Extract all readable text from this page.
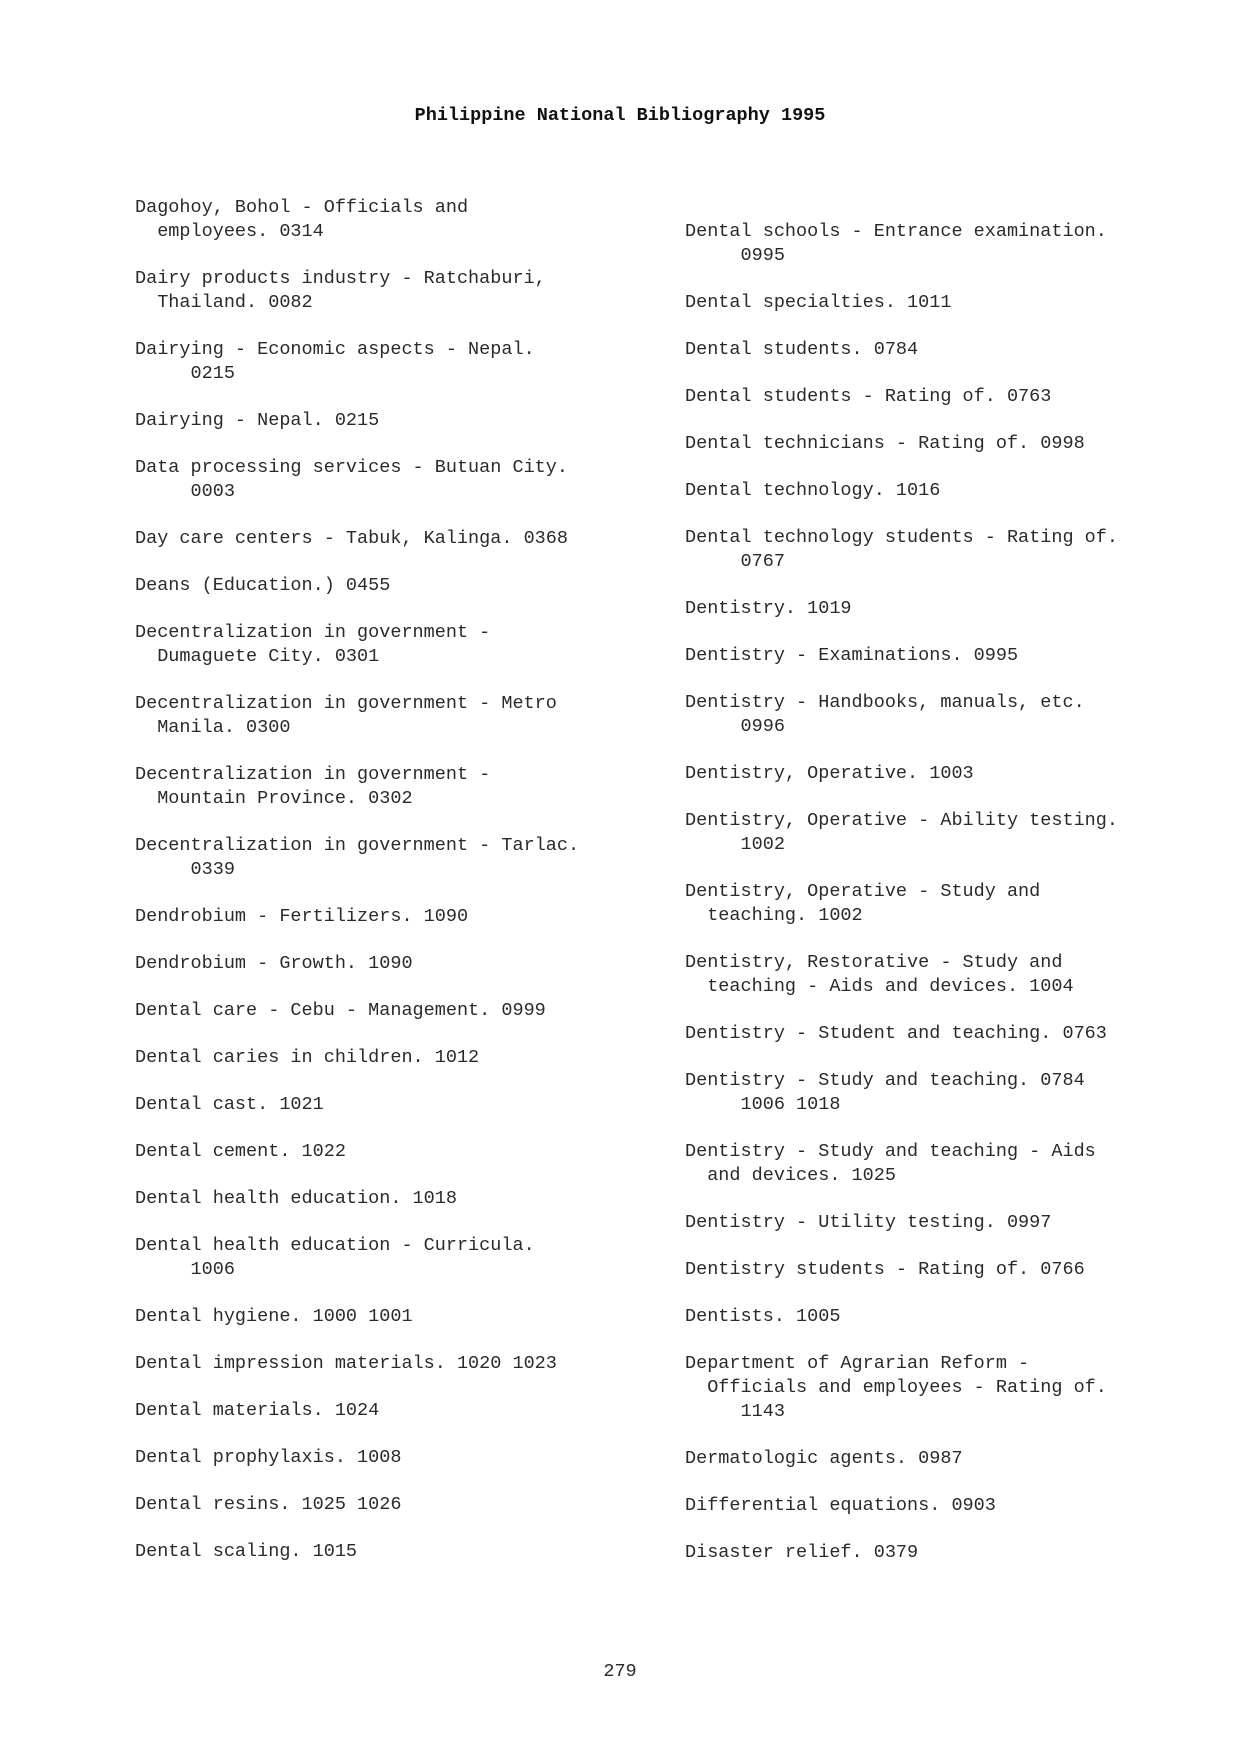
Philippine National Bibliography 1995
Dagohoy, Bohol - Officials and
employees. 0314
Dairy products industry - Ratchaburi,
Thailand. 0082
Dairying - Economic aspects - Nepal.
0215
Dairying - Nepal. 0215
Data processing services - Butuan City.
0003
Day care centers - Tabuk, Kalinga. 0368
Deans (Education.) 0455
Decentralization in government -
Dumaguete City. 0301
Decentralization in government - Metro
Manila. 0300
Decentralization in government -
Mountain Province. 0302
Decentralization in government - Tarlac.
0339
Dendrobium - Fertilizers. 1090
Dendrobium - Growth. 1090
Dental care - Cebu - Management. 0999
Dental caries in children. 1012
Dental cast. 1021
Dental cement. 1022
Dental health education. 1018
Dental health education - Curricula.
1006
Dental hygiene. 1000 1001
Dental impression materials. 1020 1023
Dental materials. 1024
Dental prophylaxis. 1008
Dental resins. 1025 1026
Dental scaling. 1015
Dental schools - Entrance examination.
0995
Dental specialties. 1011
Dental students. 0784
Dental students - Rating of. 0763
Dental technicians - Rating of. 0998
Dental technology. 1016
Dental technology students - Rating of.
0767
Dentistry. 1019
Dentistry - Examinations. 0995
Dentistry - Handbooks, manuals, etc.
0996
Dentistry, Operative. 1003
Dentistry, Operative - Ability testing.
1002
Dentistry, Operative - Study and
teaching. 1002
Dentistry, Restorative - Study and
teaching - Aids and devices. 1004
Dentistry - Student and teaching. 0763
Dentistry - Study and teaching. 0784
1006 1018
Dentistry - Study and teaching - Aids
and devices. 1025
Dentistry - Utility testing. 0997
Dentistry students - Rating of. 0766
Dentists. 1005
Department of Agrarian Reform -
Officials and employees - Rating of.
1143
Dermatologic agents. 0987
Differential equations. 0903
Disaster relief. 0379
279
